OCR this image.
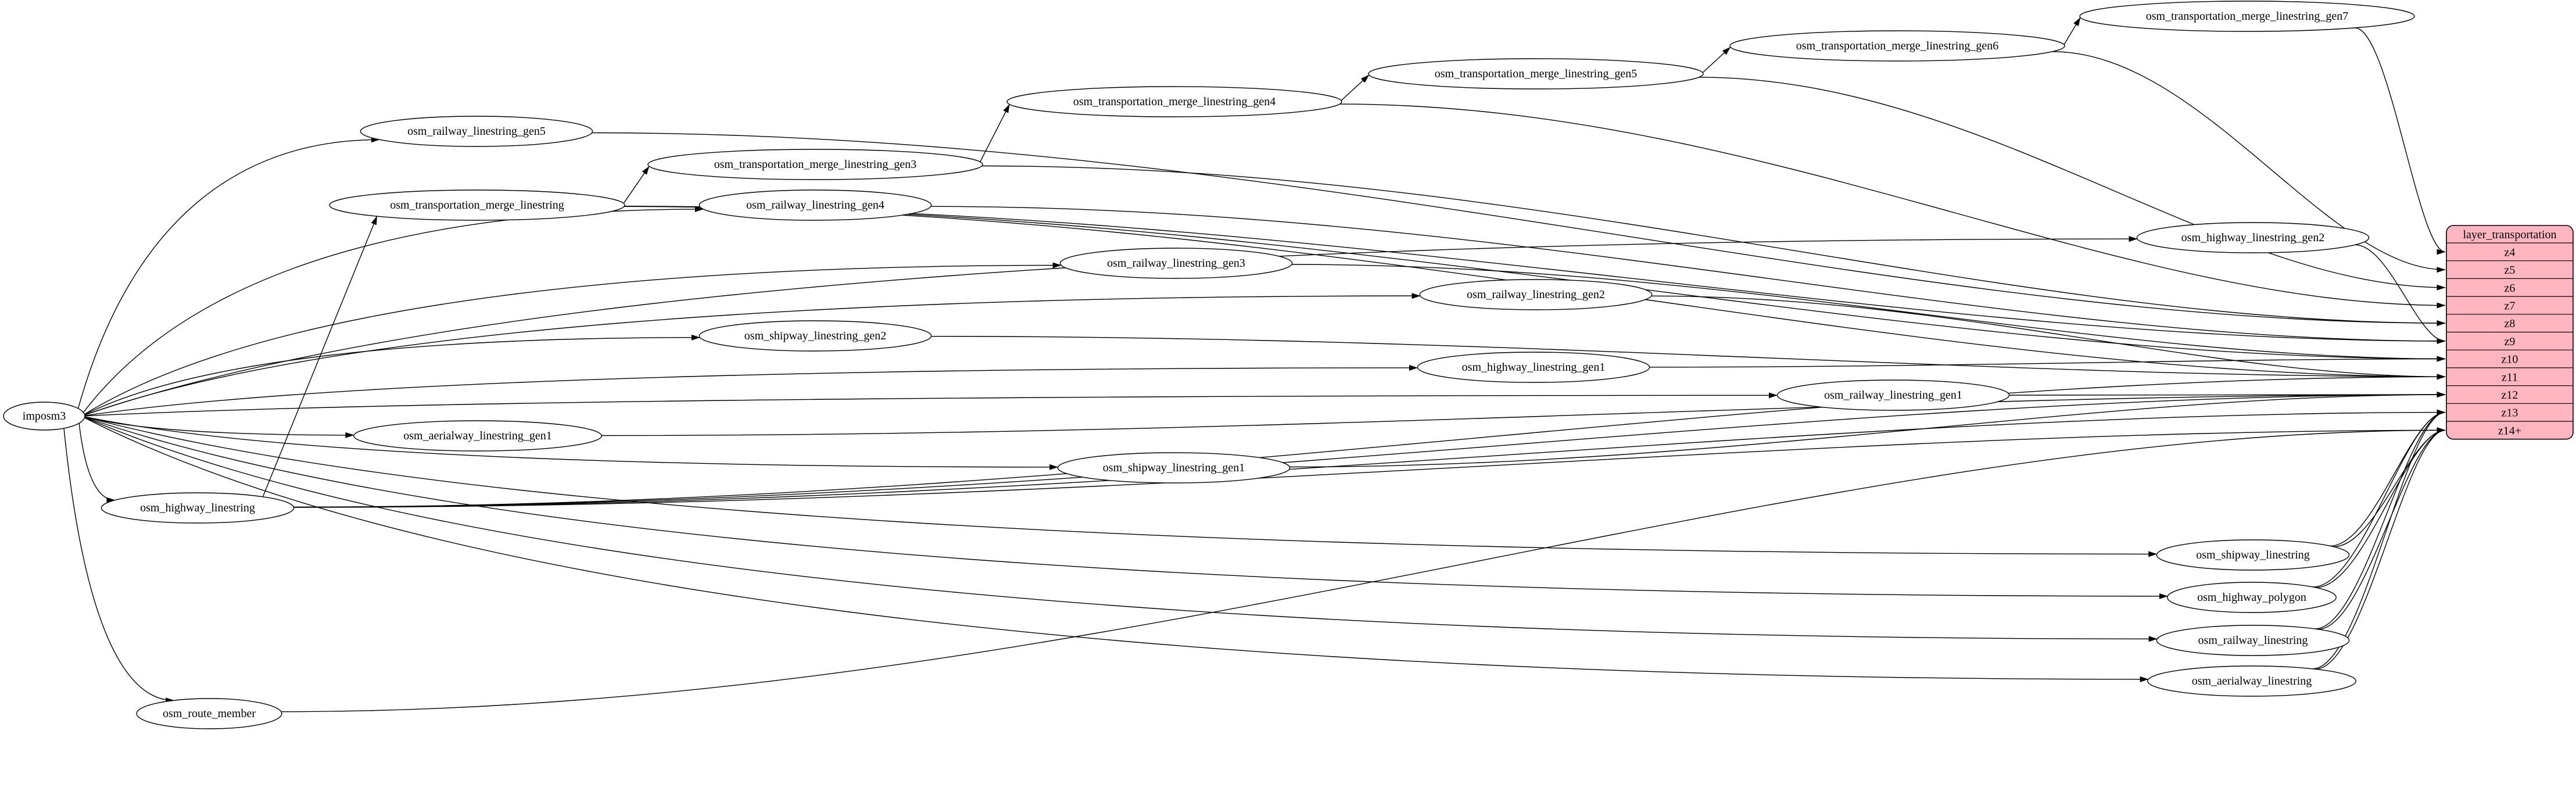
imposm3
osm_transportation_merge_linestring_gen7
osm_transportation_merge_linestring_gen6
osm_transportation_merge_linestring_gen5
osm_transportation_merge_linestring_gen4
osm_railway_linestring_gen5
osm_transportation_merge_linestring_gen3
osm_transportation_merge_linestring	osm_railway_linestring_gen4
osm_highway_linestring_gen2
osm_railway_linestring_gen3
osm_railway_linestring_gen2
osm_shipway_linestring_gen2
osm_highway_linestring_gen1
osm_railway_linestring_gen1
osm_aerialway_linestring_gen1
osm_shipway_linestring_gen1
osm_highway_linestring
osm_shipway_linestring
osm_highway_polygon
osm_railway_linestring
osm_aerialway_linestring
osm_route_member
layer_transportation
z4
z5
z6
z7
z8
z9
z10
z11
z12
z13
z14+
